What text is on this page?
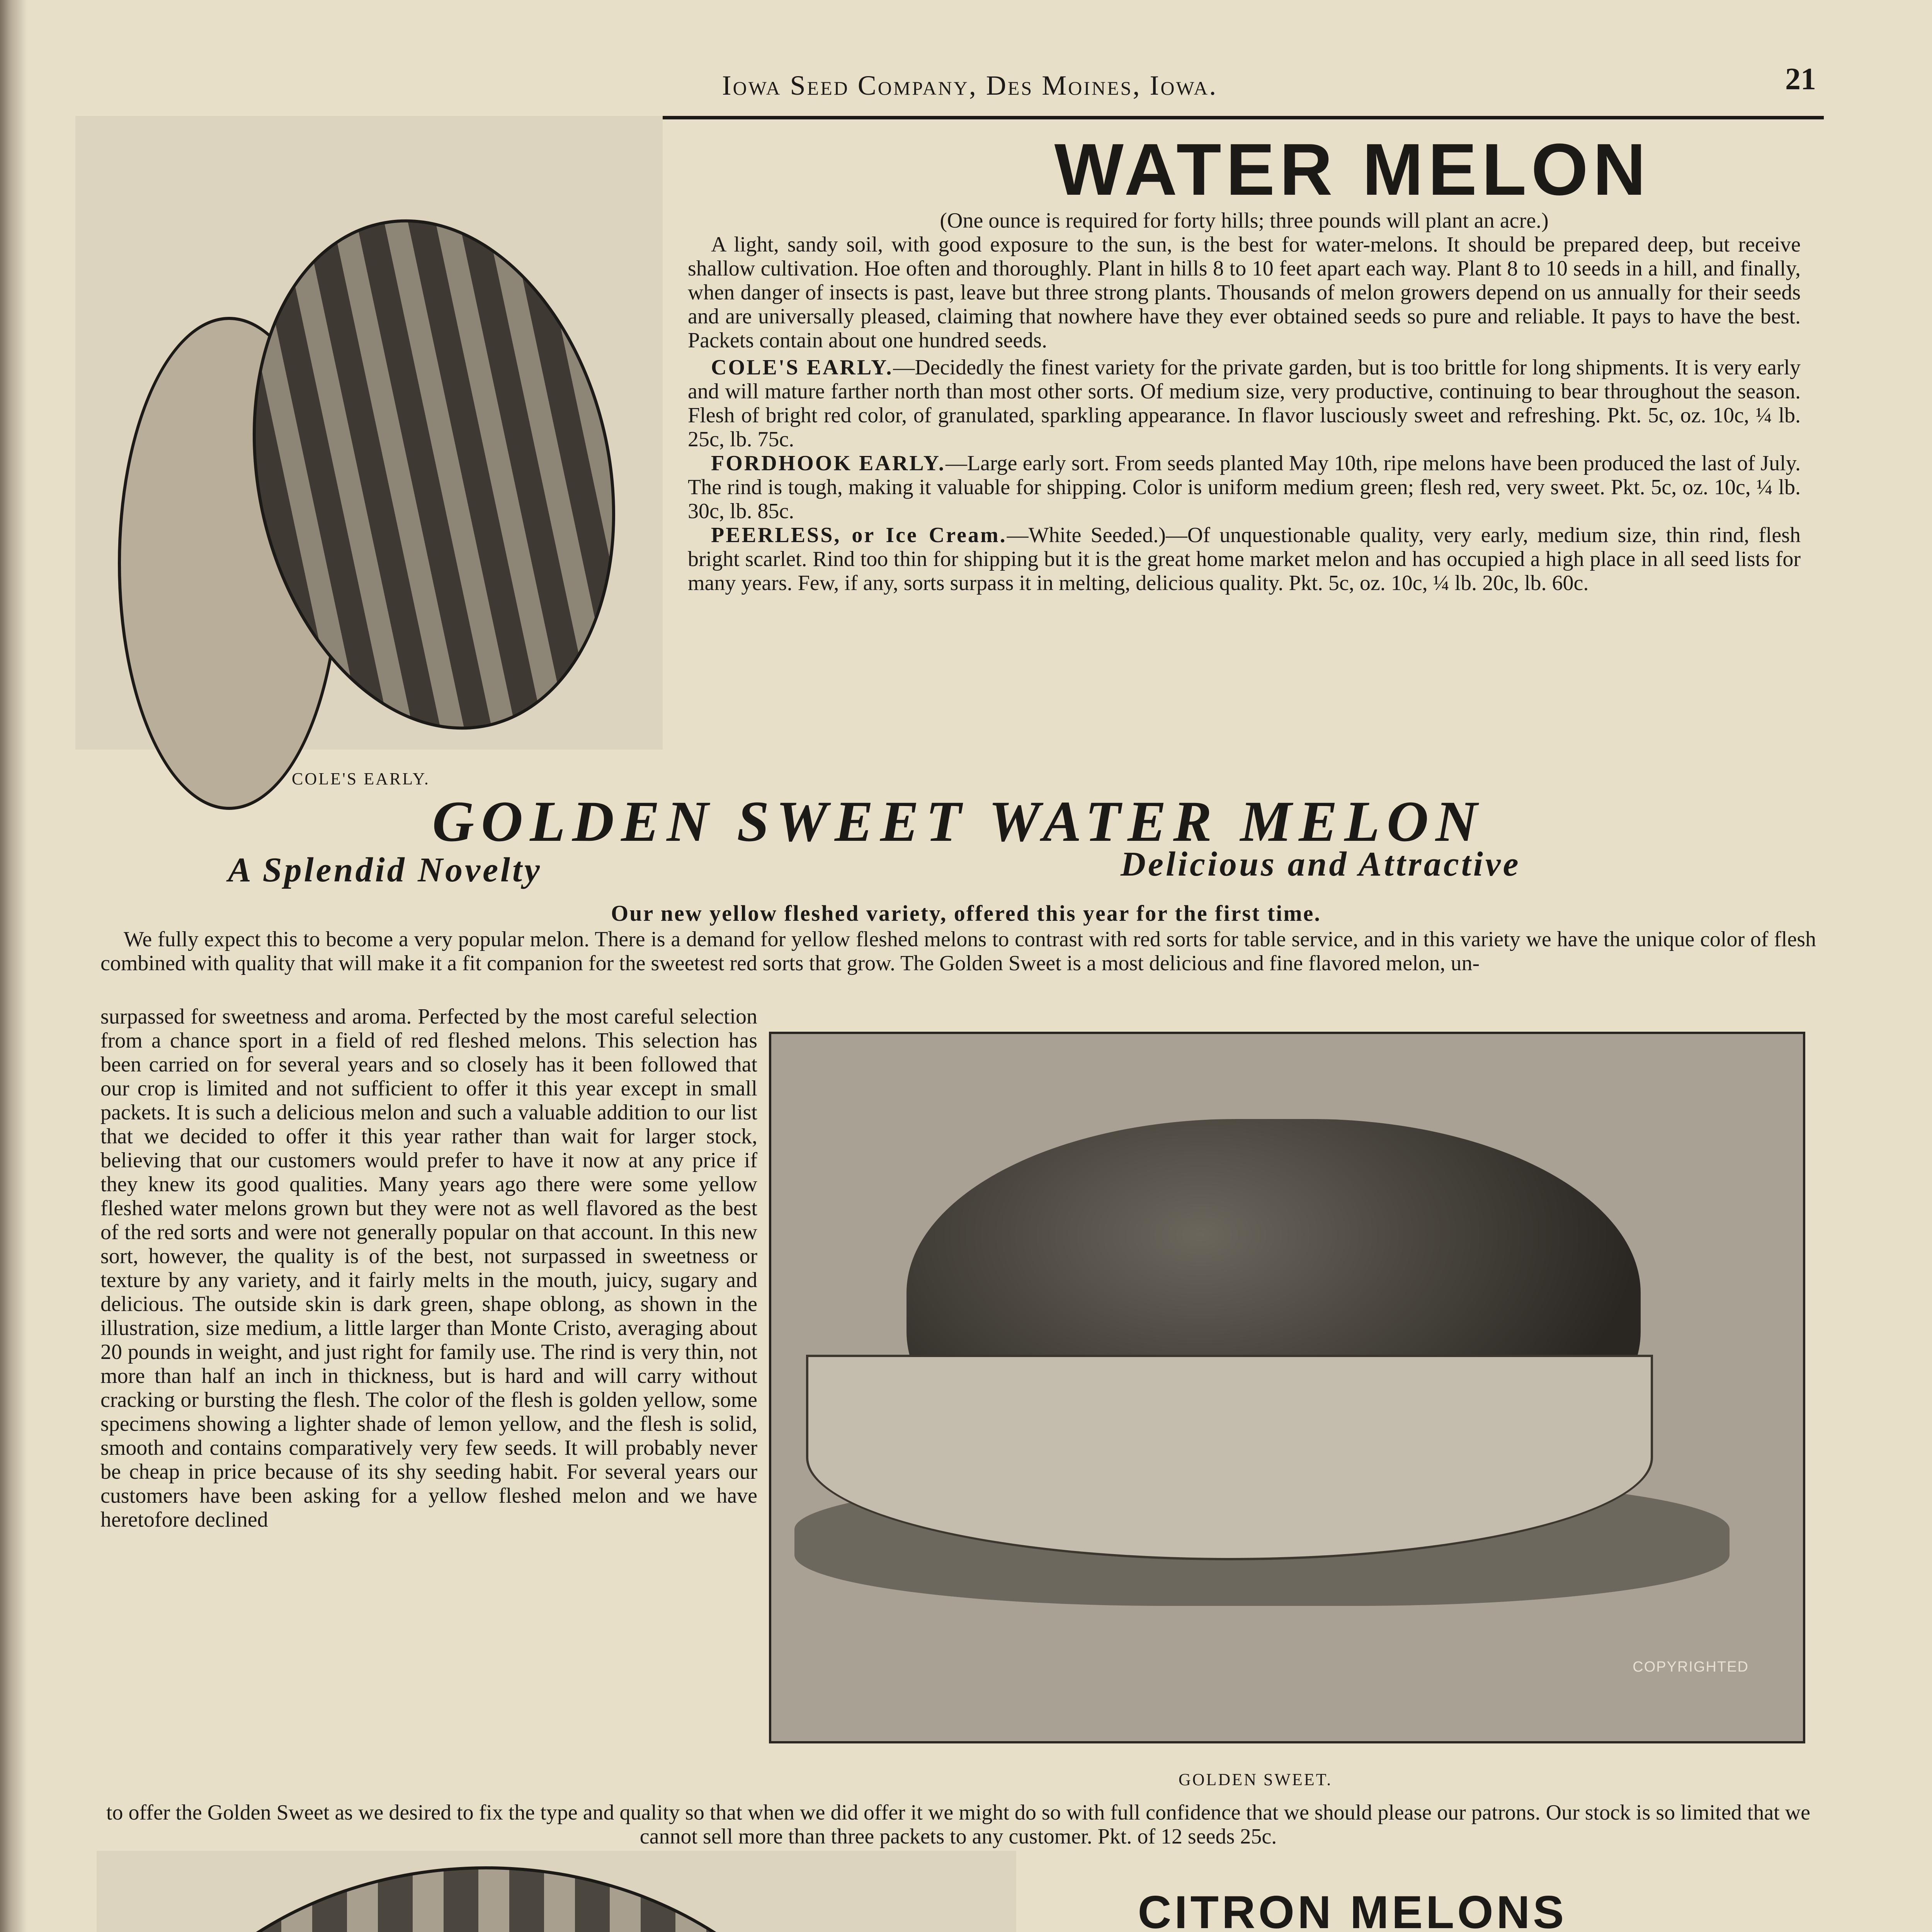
Iowa Seed Company, Des Moines, Iowa.	21
COLE'S EARLY.
WATER MELON
(One ounce is required for forty hills; three pounds will plant an acre.)
A light, sandy soil, with good exposure to the sun, is the best for water-melons. It should be prepared deep, but receive shallow cultivation. Hoe often and thoroughly. Plant in hills 8 to 10 feet apart each way. Plant 8 to 10 seeds in a hill, and finally, when danger of insects is past, leave but three strong plants. Thousands of melon growers depend on us annually for their seeds and are universally pleased, claiming that nowhere have they ever obtained seeds so pure and reliable. It pays to have the best. Packets contain about one hundred seeds.
COLE'S EARLY.—Decidedly the finest variety for the private garden, but is too brittle for long shipments. It is very early and will mature farther north than most other sorts. Of medium size, very productive, continuing to bear throughout the season. Flesh of bright red color, of granulated, sparkling appearance. In flavor lusciously sweet and refreshing. Pkt. 5c, oz. 10c, ¼ lb. 25c, lb. 75c.
FORDHOOK EARLY.—Large early sort. From seeds planted May 10th, ripe melons have been produced the last of July. The rind is tough, making it valuable for shipping. Color is uniform medium green; flesh red, very sweet. Pkt. 5c, oz. 10c, ¼ lb. 30c, lb. 85c.
PEERLESS, or Ice Cream.—White Seeded.)—Of unquestionable quality, very early, medium size, thin rind, flesh bright scarlet. Rind too thin for shipping but it is the great home market melon and has occupied a high place in all seed lists for many years. Few, if any, sorts surpass it in melting, delicious quality. Pkt. 5c, oz. 10c, ¼ lb. 20c, lb. 60c.
GOLDEN SWEET WATER MELON
A Splendid Novelty	Delicious and Attractive
Our new yellow fleshed variety, offered this year for the first time.
We fully expect this to become a very popular melon. There is a demand for yellow fleshed melons to contrast with red sorts for table service, and in this variety we have the unique color of flesh combined with quality that will make it a fit companion for the sweetest red sorts that grow. The Golden Sweet is a most delicious and fine flavored melon, un-
surpassed for sweetness and aroma. Perfected by the most careful selection from a chance sport in a field of red fleshed melons. This selection has been carried on for several years and so closely has it been followed that our crop is limited and not sufficient to offer it this year except in small packets. It is such a delicious melon and such a valuable addition to our list that we decided to offer it this year rather than wait for larger stock, believing that our customers would prefer to have it now at any price if they knew its good qualities. Many years ago there were some yellow fleshed water melons grown but they were not as well flavored as the best of the red sorts and were not generally popular on that account. In this new sort, however, the quality is of the best, not surpassed in sweetness or texture by any variety, and it fairly melts in the mouth, juicy, sugary and delicious. The outside skin is dark green, shape oblong, as shown in the illustration, size medium, a little larger than Monte Cristo, averaging about 20 pounds in weight, and just right for family use. The rind is very thin, not more than half an inch in thickness, but is hard and will carry without cracking or bursting the flesh. The color of the flesh is golden yellow, some specimens showing a lighter shade of lemon yellow, and the flesh is solid, smooth and contains comparatively very few seeds. It will probably never be cheap in price because of its shy seeding habit. For several years our customers have been asking for a yellow fleshed melon and we have heretofore declined
COPYRIGHTED
GOLDEN SWEET.
to offer the Golden Sweet as we desired to fix the type and quality so that when we did offer it we might do so with full confidence that we should please our patrons. Our stock is so limited that we cannot sell more than three packets to any customer. Pkt. of 12 seeds 25c.
CITRON MELONS
